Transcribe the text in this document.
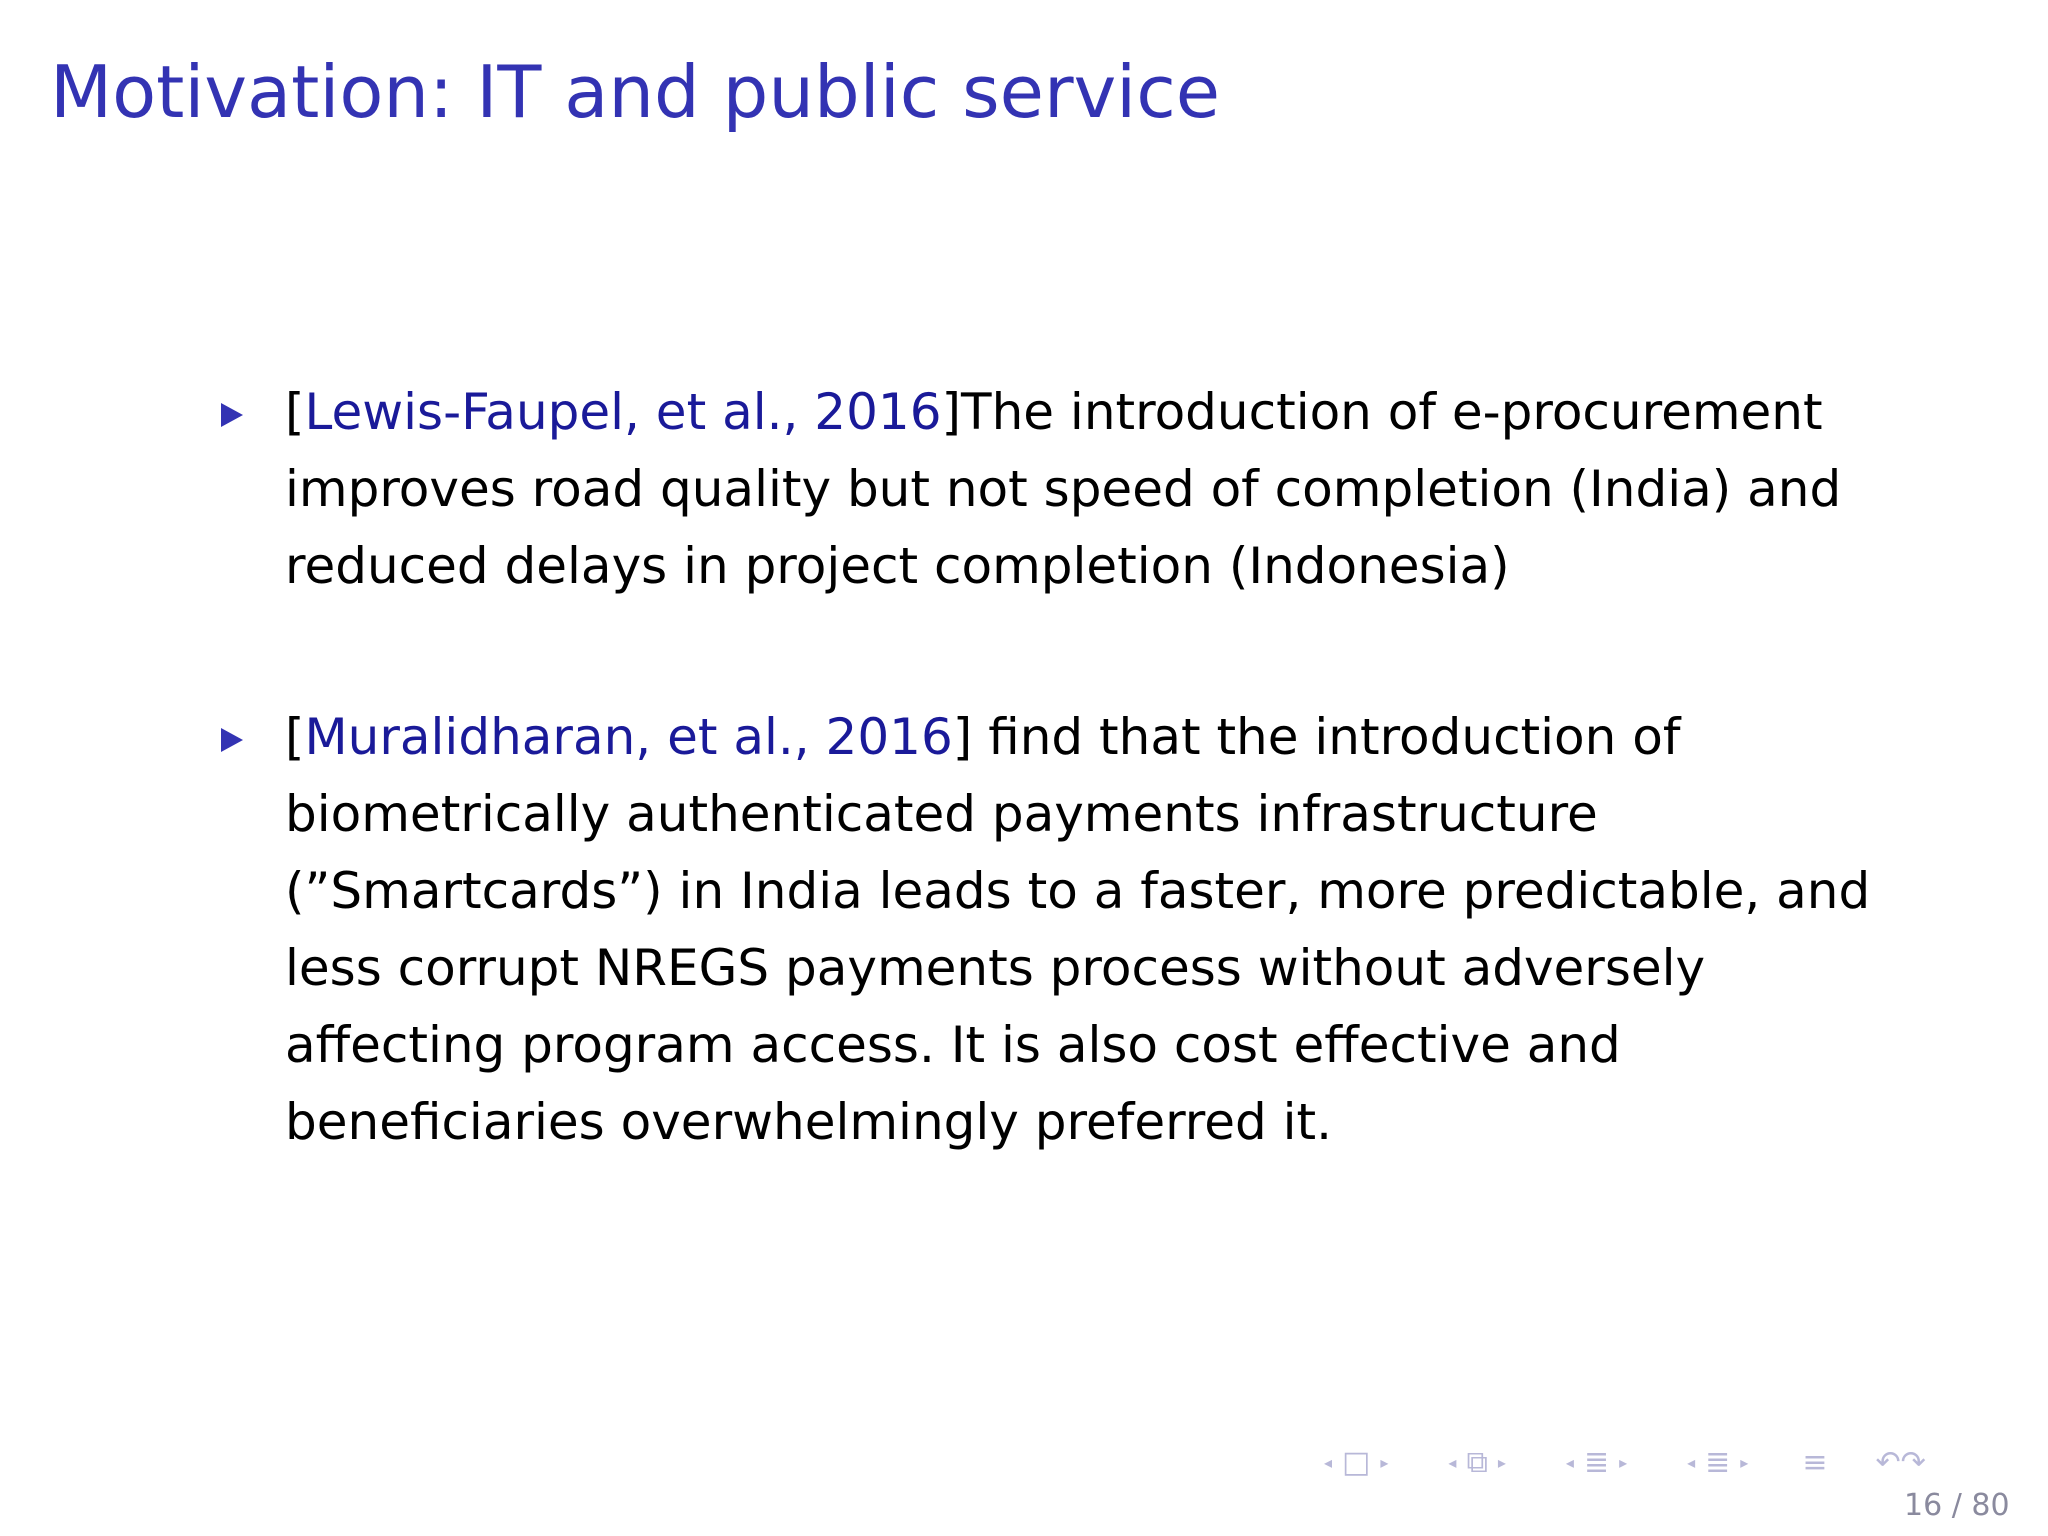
Motivation: IT and public service
[Lewis-Faupel, et al., 2016]The introduction of e-procurement improves road quality but not speed of completion (India) and reduced delays in project completion (Indonesia)
[Muralidharan, et al., 2016] find that the introduction of biometrically authenticated payments infrastructure (”Smartcards”) in India leads to a faster, more predictable, and less corrupt NREGS payments process without adversely affecting program access. It is also cost effective and beneficiaries overwhelmingly preferred it.
◂ □ ▸	◂ ⧉ ▸	◂ ≣ ▸	◂ ≣ ▸ ≡ ↶↷
16 / 80
